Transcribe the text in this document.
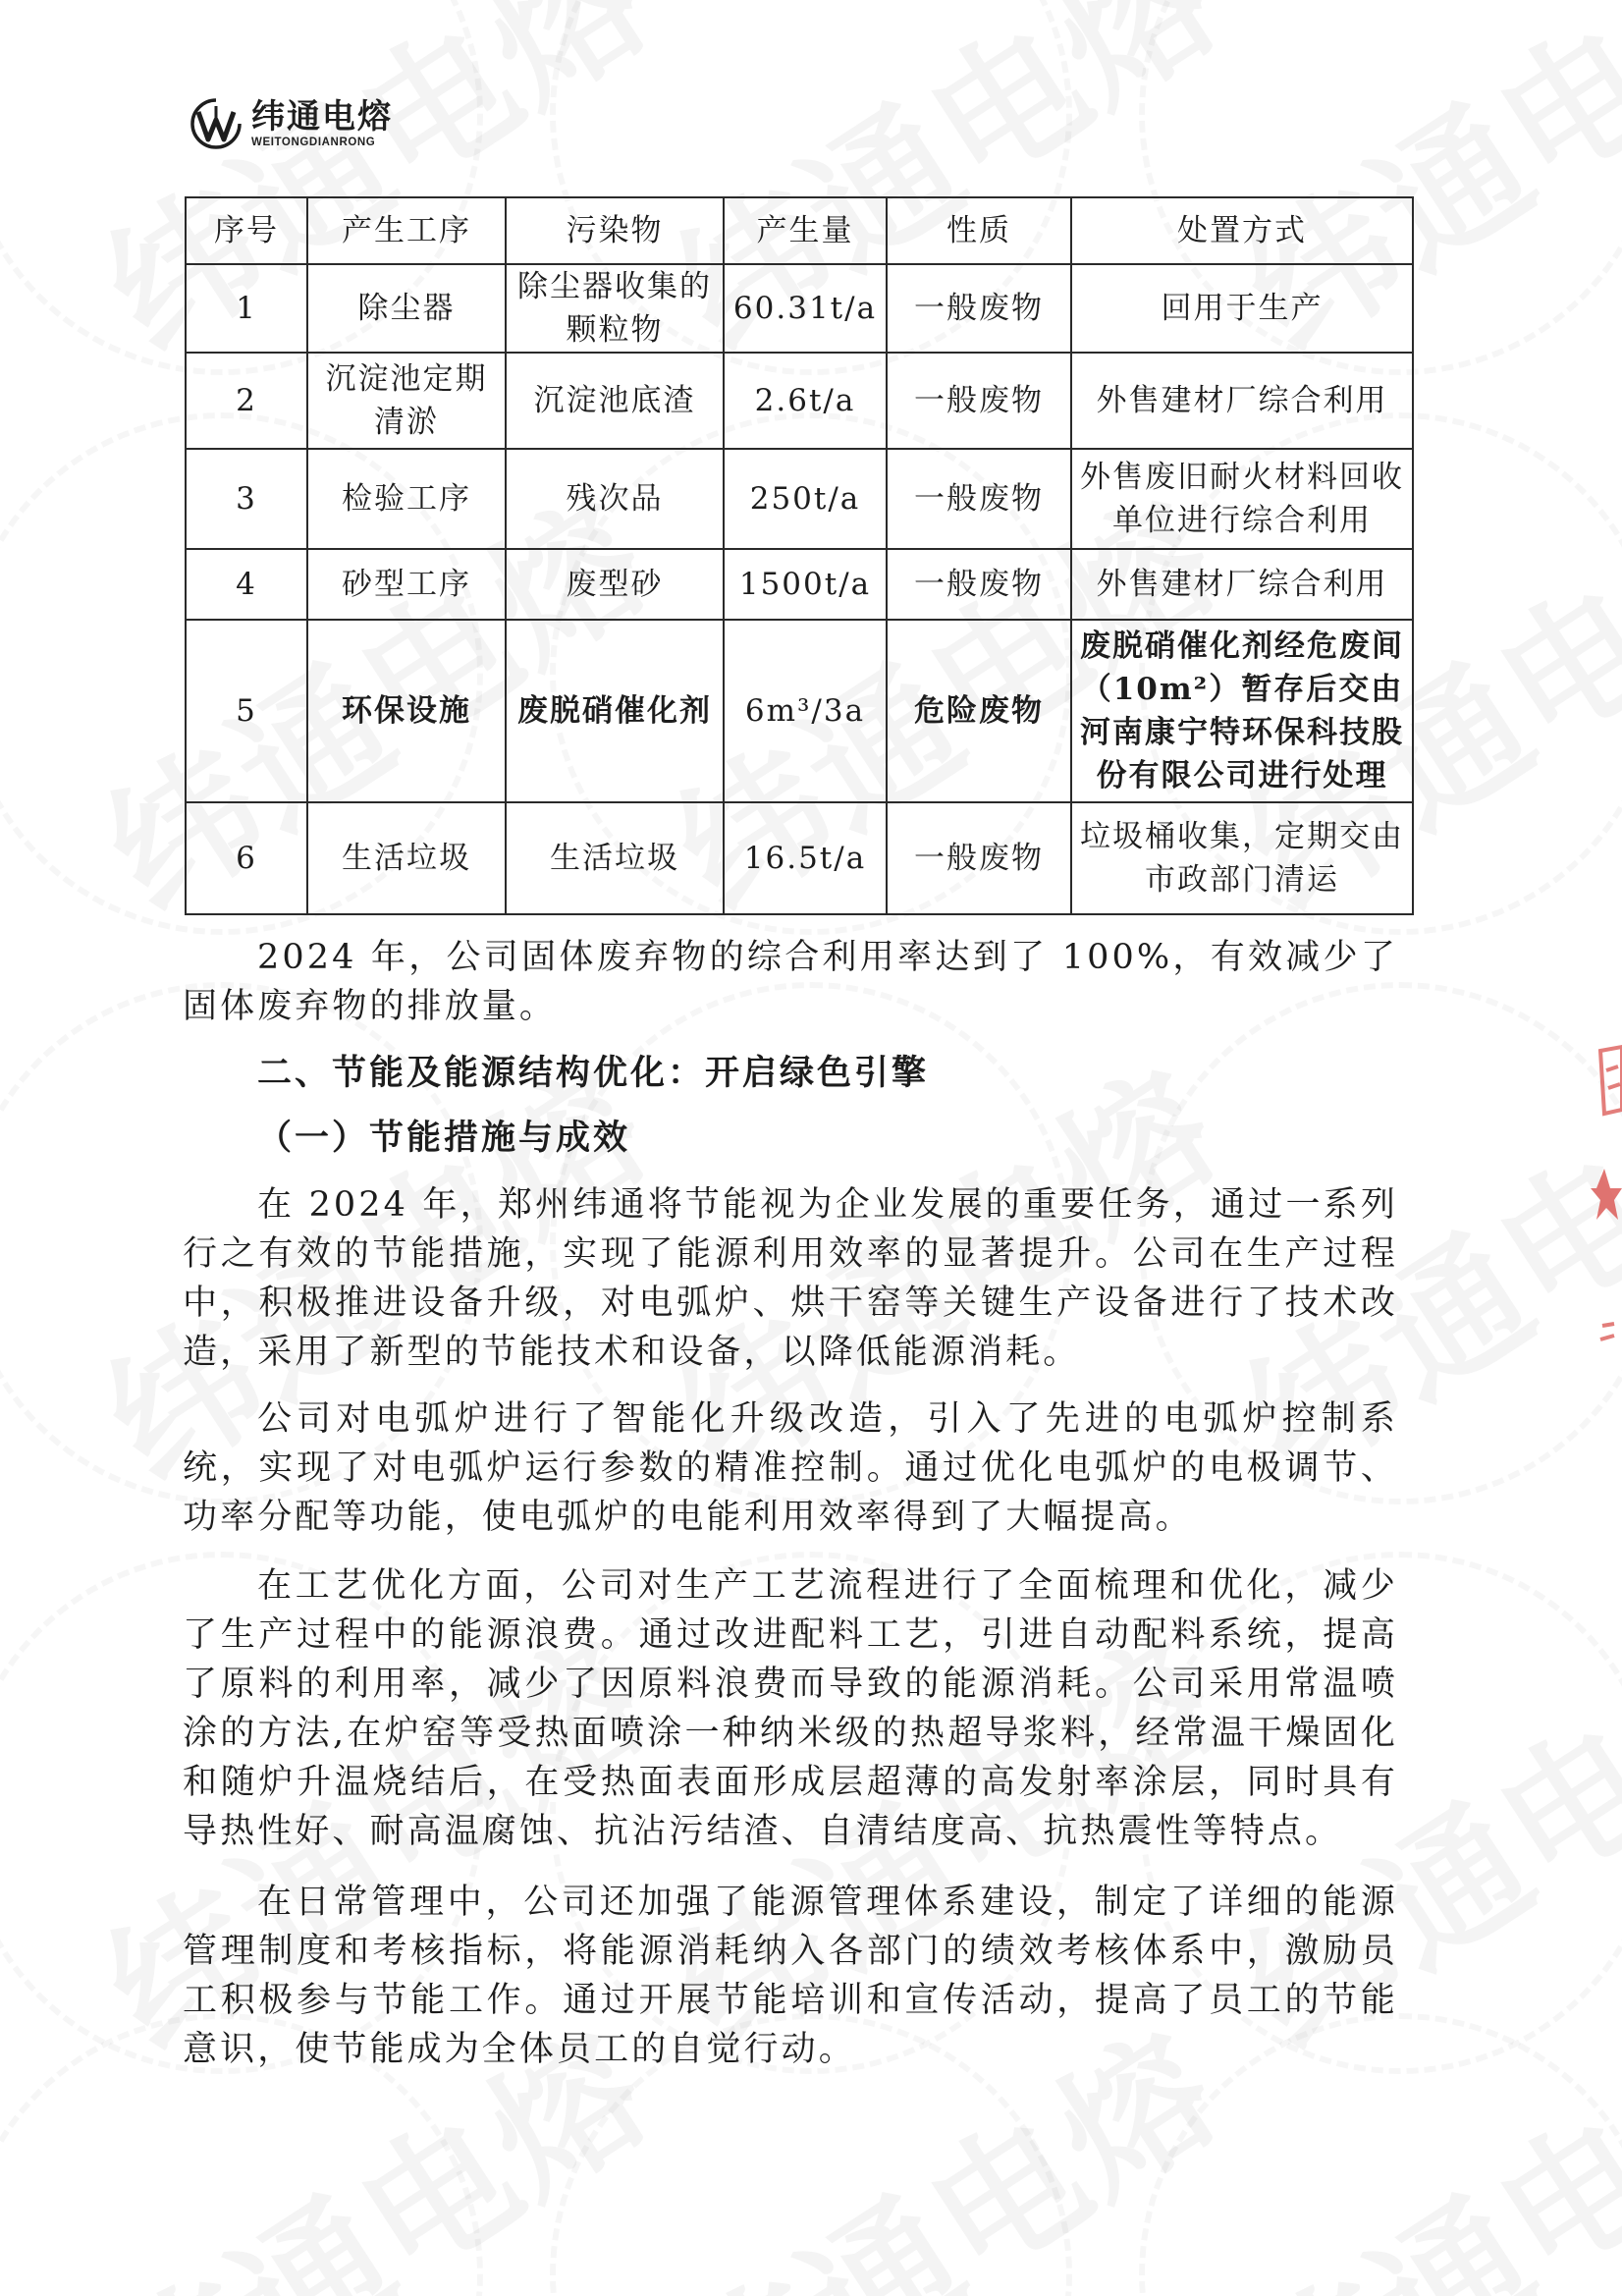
纬通电熔
WEITONGDIANRONG
序号	产生工序	污染物	产生量	性质	处置方式
1	除尘器	除尘器收集的颗粒物	60.31t/a	一般废物	回用于生产
2	沉淀池定期清淤	沉淀池底渣	2.6t/a	一般废物	外售建材厂综合利用
3	检验工序	残次品	250t/a	一般废物	外售废旧耐火材料回收单位进行综合利用
4	砂型工序	废型砂	1500t/a	一般废物	外售建材厂综合利用
5	环保设施	废脱硝催化剂	6m³/3a	危险废物	废脱硝催化剂经危废间（10m²）暂存后交由河南康宁特环保科技股份有限公司进行处理
6	生活垃圾	生活垃圾	16.5t/a	一般废物	垃圾桶收集，定期交由市政部门清运

2024 年，公司固体废弃物的综合利用率达到了 100%，有效减少了固体废弃物的排放量。

二、节能及能源结构优化：开启绿色引擎

（一）节能措施与成效

在 2024 年，郑州纬通将节能视为企业发展的重要任务，通过一系列行之有效的节能措施，实现了能源利用效率的显著提升。公司在生产过程中，积极推进设备升级，对电弧炉、烘干窑等关键生产设备进行了技术改造，采用了新型的节能技术和设备，以降低能源消耗。

公司对电弧炉进行了智能化升级改造，引入了先进的电弧炉控制系统，实现了对电弧炉运行参数的精准控制。通过优化电弧炉的电极调节、功率分配等功能，使电弧炉的电能利用效率得到了大幅提高。

在工艺优化方面，公司对生产工艺流程进行了全面梳理和优化，减少了生产过程中的能源浪费。通过改进配料工艺，引进自动配料系统，提高了原料的利用率，减少了因原料浪费而导致的能源消耗。公司采用常温喷涂的方法,在炉窑等受热面喷涂一种纳米级的热超导浆料，经常温干燥固化和随炉升温烧结后，在受热面表面形成层超薄的高发射率涂层，同时具有导热性好、耐高温腐蚀、抗沾污结渣、自清结度高、抗热震性等特点。

在日常管理中，公司还加强了能源管理体系建设，制定了详细的能源管理制度和考核指标，将能源消耗纳入各部门的绩效考核体系中，激励员工积极参与节能工作。通过开展节能培训和宣传活动，提高了员工的节能意识，使节能成为全体员工的自觉行动。
